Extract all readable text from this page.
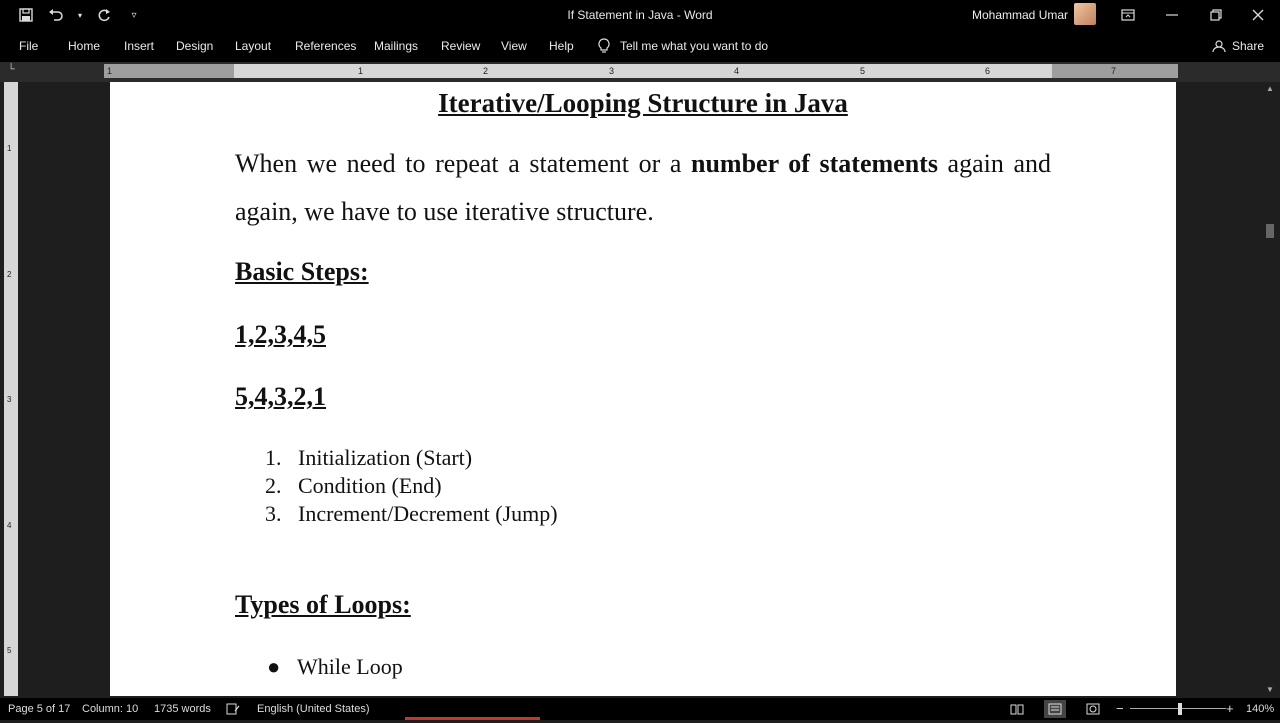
▾	▿	If Statement in Java - Word	Mohammad Umar
File Home Insert Design Layout References Mailings Review View Help	Tell me what you want to do	Share
└	1	1	2	3	4	5	6	7
1
2
3
4
5
Iterative/Looping Structure in Java
When we need to repeat a statement or a number of statements again and again, we have to use iterative structure.
Basic Steps:
1,2,3,4,5
5,4,3,2,1
1. Initialization (Start)
2. Condition (End)
3. Increment/Decrement (Jump)
Types of Loops:
● While Loop
▲
▼
Page 5 of 17 Column: 10 1735 words	English (United States)	−	+ 140%
